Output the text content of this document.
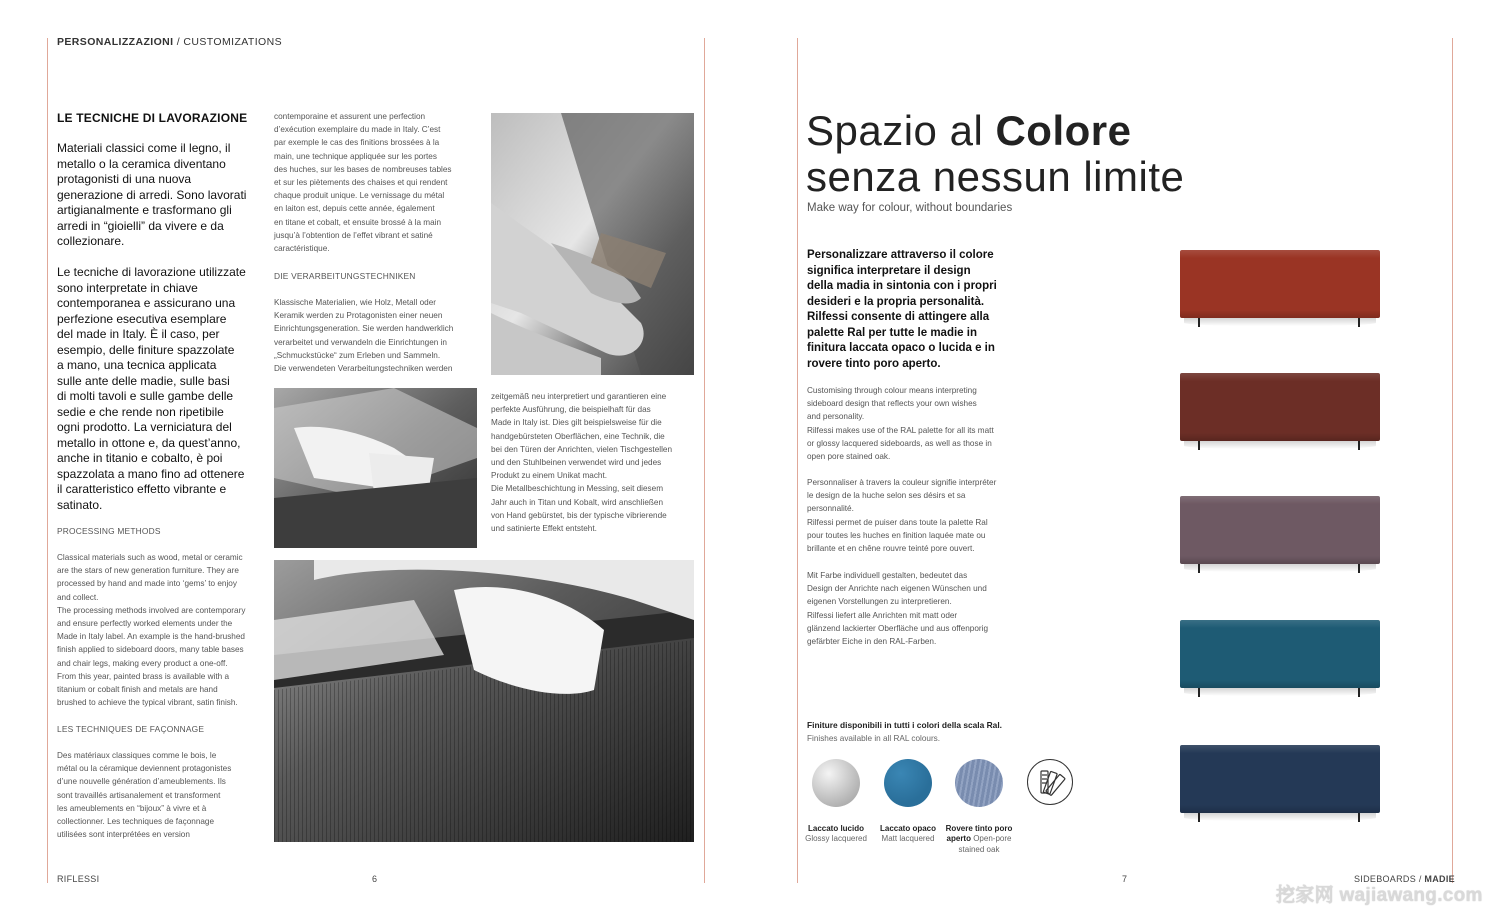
PERSONALIZZAZIONI / CUSTOMIZATIONS
LE TECNICHE DI LAVORAZIONE
Materiali classici come il legno, il
metallo o la ceramica diventano
protagonisti di una nuova
generazione di arredi. Sono lavorati
artigianalmente e trasformano gli
arredi in “gioielli” da vivere e da
collezionare.
Le tecniche di lavorazione utilizzate
sono interpretate in chiave
contemporanea e assicurano una
perfezione esecutiva esemplare
del made in Italy. È il caso, per
esempio, delle finiture spazzolate
a mano, una tecnica applicata
sulle ante delle madie, sulle basi
di molti tavoli e sulle gambe delle
sedie e che rende non ripetibile
ogni prodotto. La verniciatura del
metallo in ottone e, da quest’anno,
anche in titanio e cobalto, è poi
spazzolata a mano fino ad ottenere
il caratteristico effetto vibrante e
satinato.
PROCESSING METHODS
Classical materials such as wood, metal or ceramic
are the stars of new generation furniture. They are
processed by hand and made into ‘gems’ to enjoy
and collect.
The processing methods involved are contemporary
and ensure perfectly worked elements under the
Made in Italy label. An example is the hand-brushed
finish applied to sideboard doors, many table bases
and chair legs, making every product a one-off.
From this year, painted brass is available with a
titanium or cobalt finish and metals are hand
brushed to achieve the typical vibrant, satin finish.
LES TECHNIQUES DE FAÇONNAGE
Des matériaux classiques comme le bois, le
métal ou la céramique deviennent protagonistes
d’une nouvelle génération d’ameublements. Ils
sont travaillés artisanalement et transforment
les ameublements en “bijoux” à vivre et à
collectionner. Les techniques de façonnage
utilisées sont interprétées en version
contemporaine et assurent une perfection
d’exécution exemplaire du made in Italy. C’est
par exemple le cas des finitions brossées à la
main, une technique appliquée sur les portes
des huches, sur les bases de nombreuses tables
et sur les piètements des chaises et qui rendent
chaque produit unique. Le vernissage du métal
en laiton est, depuis cette année, également
en titane et cobalt, et ensuite brossé à la main
jusqu’à l’obtention de l’effet vibrant et satiné
caractéristique.
DIE VERARBEITUNGSTECHNIKEN
Klassische Materialien, wie Holz, Metall oder
Keramik werden zu Protagonisten einer neuen
Einrichtungsgeneration. Sie werden handwerklich
verarbeitet und verwandeln die Einrichtungen in
„Schmuckstücke“ zum Erleben und Sammeln.
Die verwendeten Verarbeitungstechniken werden
zeitgemäß neu interpretiert und garantieren eine
perfekte Ausführung, die beispielhaft für das
Made in Italy ist. Dies gilt beispielsweise für die
handgebürsteten Oberflächen, eine Technik, die
bei den Türen der Anrichten, vielen Tischgestellen
und den Stuhlbeinen verwendet wird und jedes
Produkt zu einem Unikat macht.
Die Metallbeschichtung in Messing, seit diesem
Jahr auch in Titan und Kobalt, wird anschließen
von Hand gebürstet, bis der typische vibrierende
und satinierte Effekt entsteht.
RIFLESSI	6
Spazio al Colore
senza nessun limite
Make way for colour, without boundaries
Personalizzare attraverso il colore
significa interpretare il design
della madia in sintonia con i propri
desideri e la propria personalità.
Rilfessi consente di attingere alla
palette Ral per tutte le madie in
finitura laccata opaco o lucida e in
rovere tinto poro aperto.
Customising through colour means interpreting
sideboard design that reflects your own wishes
and personality.
Rilfessi makes use of the RAL palette for all its matt
or glossy lacquered sideboards, as well as those in
open pore stained oak.
Personnaliser à travers la couleur signifie interpréter
le design de la huche selon ses désirs et sa
personnalité.
Rilfessi permet de puiser dans toute la palette Ral
pour toutes les huches en finition laquée mate ou
brillante et en chêne rouvre teinté pore ouvert.
Mit Farbe individuell gestalten, bedeutet das
Design der Anrichte nach eigenen Wünschen und
eigenen Vorstellungen zu interpretieren.
Rilfessi liefert alle Anrichten mit matt oder
glänzend lackierter Oberfläche und aus offenporig
gefärbter Eiche in den RAL-Farben.
Finiture disponibili in tutti i colori della scala Ral.
Finishes available in all RAL colours.

Laccato lucido
Glossy lacquered

Laccato opaco
Matt lacquered

Rovere tinto poro
aperto Open-pore
stained oak

7	SIDEBOARDS / MADIE
挖家网 wajiawang.com
